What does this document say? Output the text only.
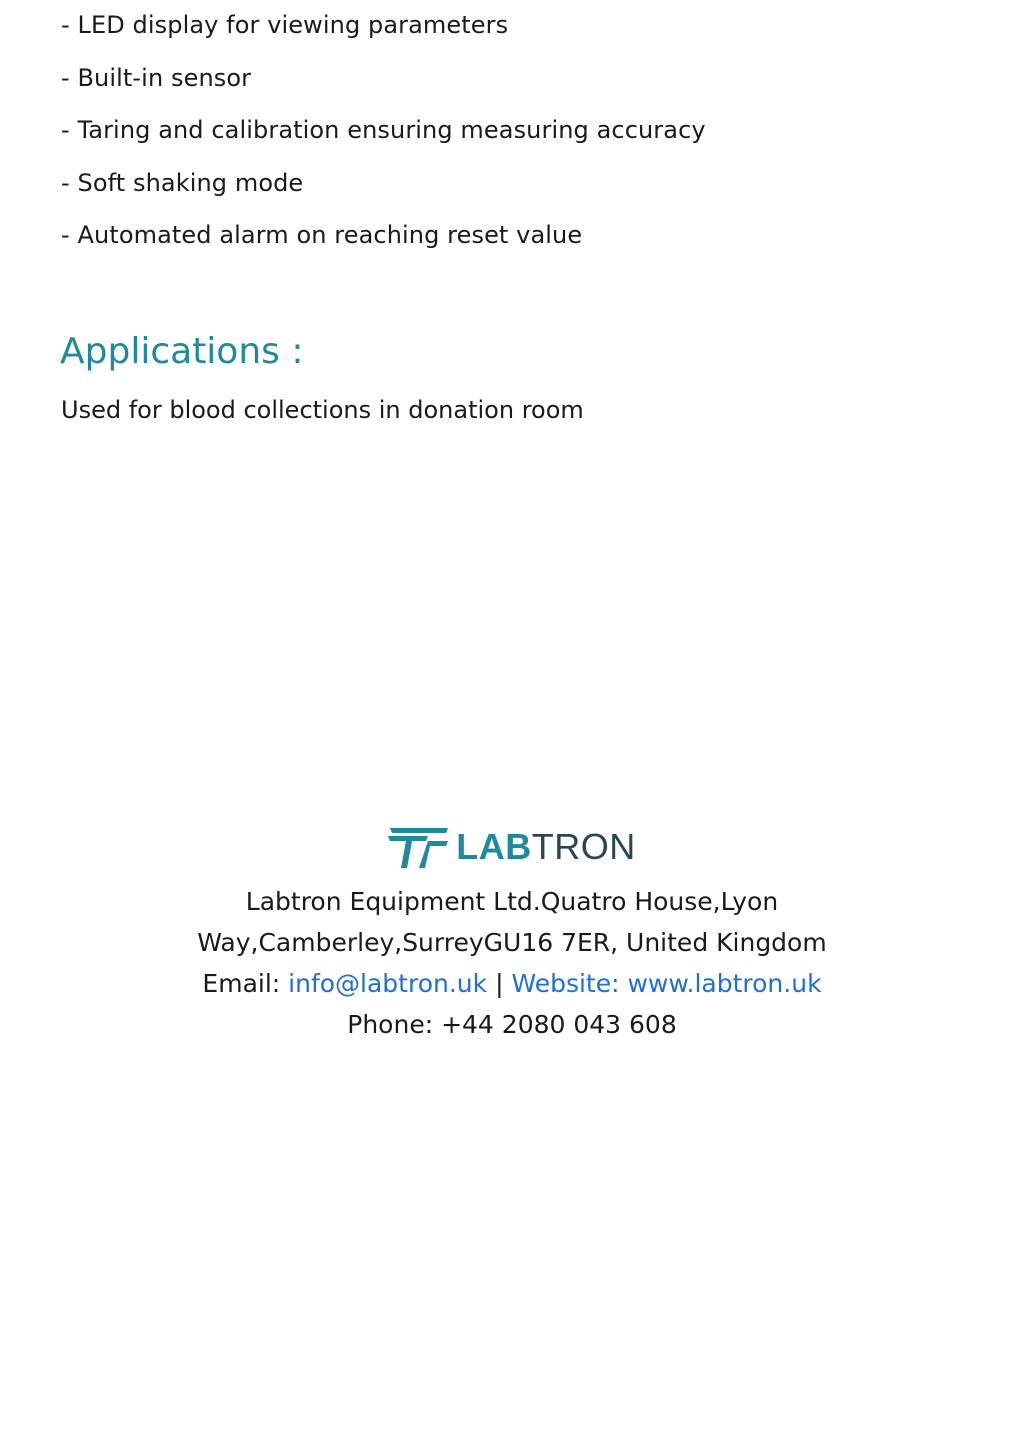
- LED display for viewing parameters
- Built-in sensor
- Taring and calibration ensuring measuring accuracy
- Soft shaking mode
- Automated alarm on reaching reset value
Applications :

Used for blood collections in donation room

LABTRON
Labtron Equipment Ltd.Quatro House,Lyon
Way,Camberley,SurreyGU16 7ER, United Kingdom
Email: info@labtron.uk | Website: www.labtron.uk
Phone: +44 2080 043 608
